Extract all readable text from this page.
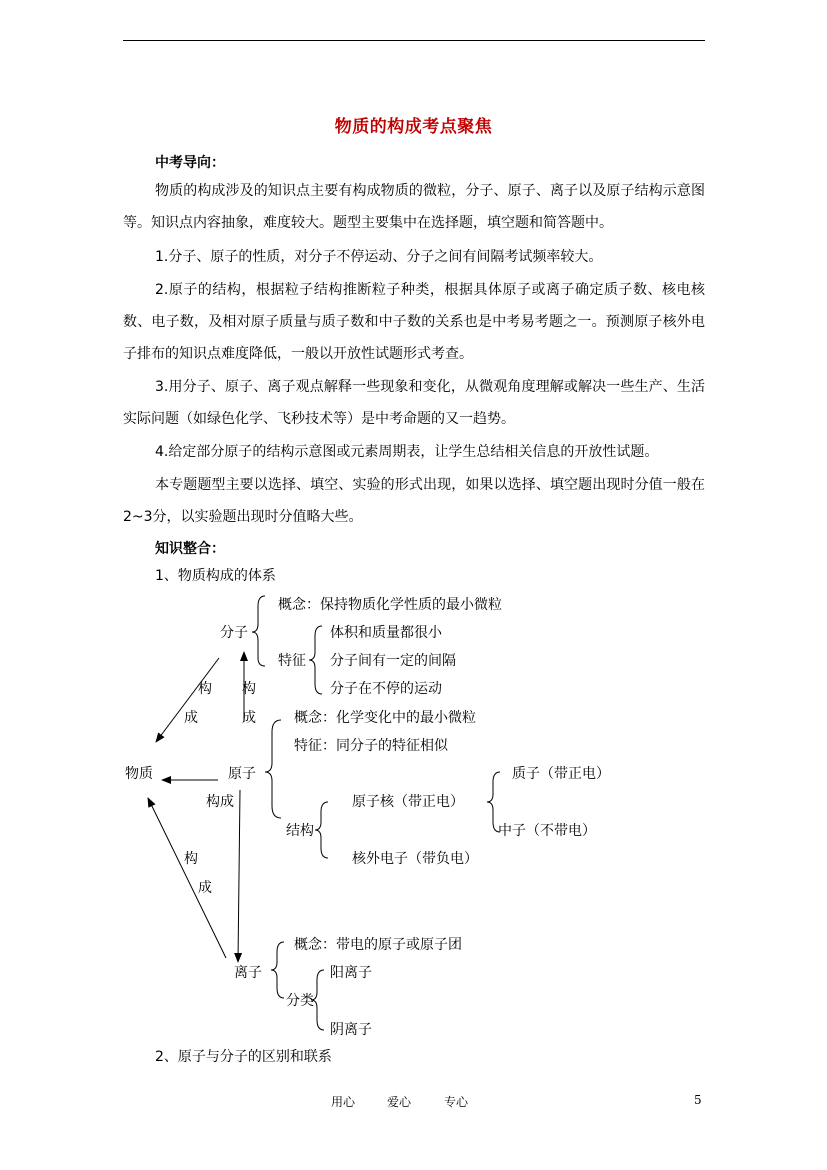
物质的构成考点聚焦
中考导向：
物质的构成涉及的知识点主要有构成物质的微粒，分子、原子、离子以及原子结构示意图等。知识点内容抽象，难度较大。题型主要集中在选择题，填空题和简答题中。
1.分子、原子的性质，对分子不停运动、分子之间有间隔考试频率较大。
2.原子的结构，根据粒子结构推断粒子种类，根据具体原子或离子确定质子数、核电核数、电子数，及相对原子质量与质子数和中子数的关系也是中考易考题之一。预测原子核外电子排布的知识点难度降低，一般以开放性试题形式考查。
3.用分子、原子、离子观点解释一些现象和变化，从微观角度理解或解决一些生产、生活实际问题（如绿色化学、飞秒技术等）是中考命题的又一趋势。
4.给定部分原子的结构示意图或元素周期表，让学生总结相关信息的开放性试题。
本专题题型主要以选择、填空、实验的形式出现，如果以选择、填空题出现时分值一般在2~3分，以实验题出现时分值略大些。
知识整合：
1、物质构成的体系
概念：保持物质化学性质的最小微粒
分子	体积和质量都很小
特征 分子间有一定的间隔
分子在不停的运动
构 构
成	成	概念：化学变化中的最小微粒
特征：同分子的特征相似
物质	原子	质子（带正电）
构成	原子核（带正电）
结构	中子（不带电）
构	核外电子（带负电）
成
概念：带电的原子或原子团
阳离子
离子
分类
阴离子
2、原子与分子的区别和联系
用心	爱心	专心	5
